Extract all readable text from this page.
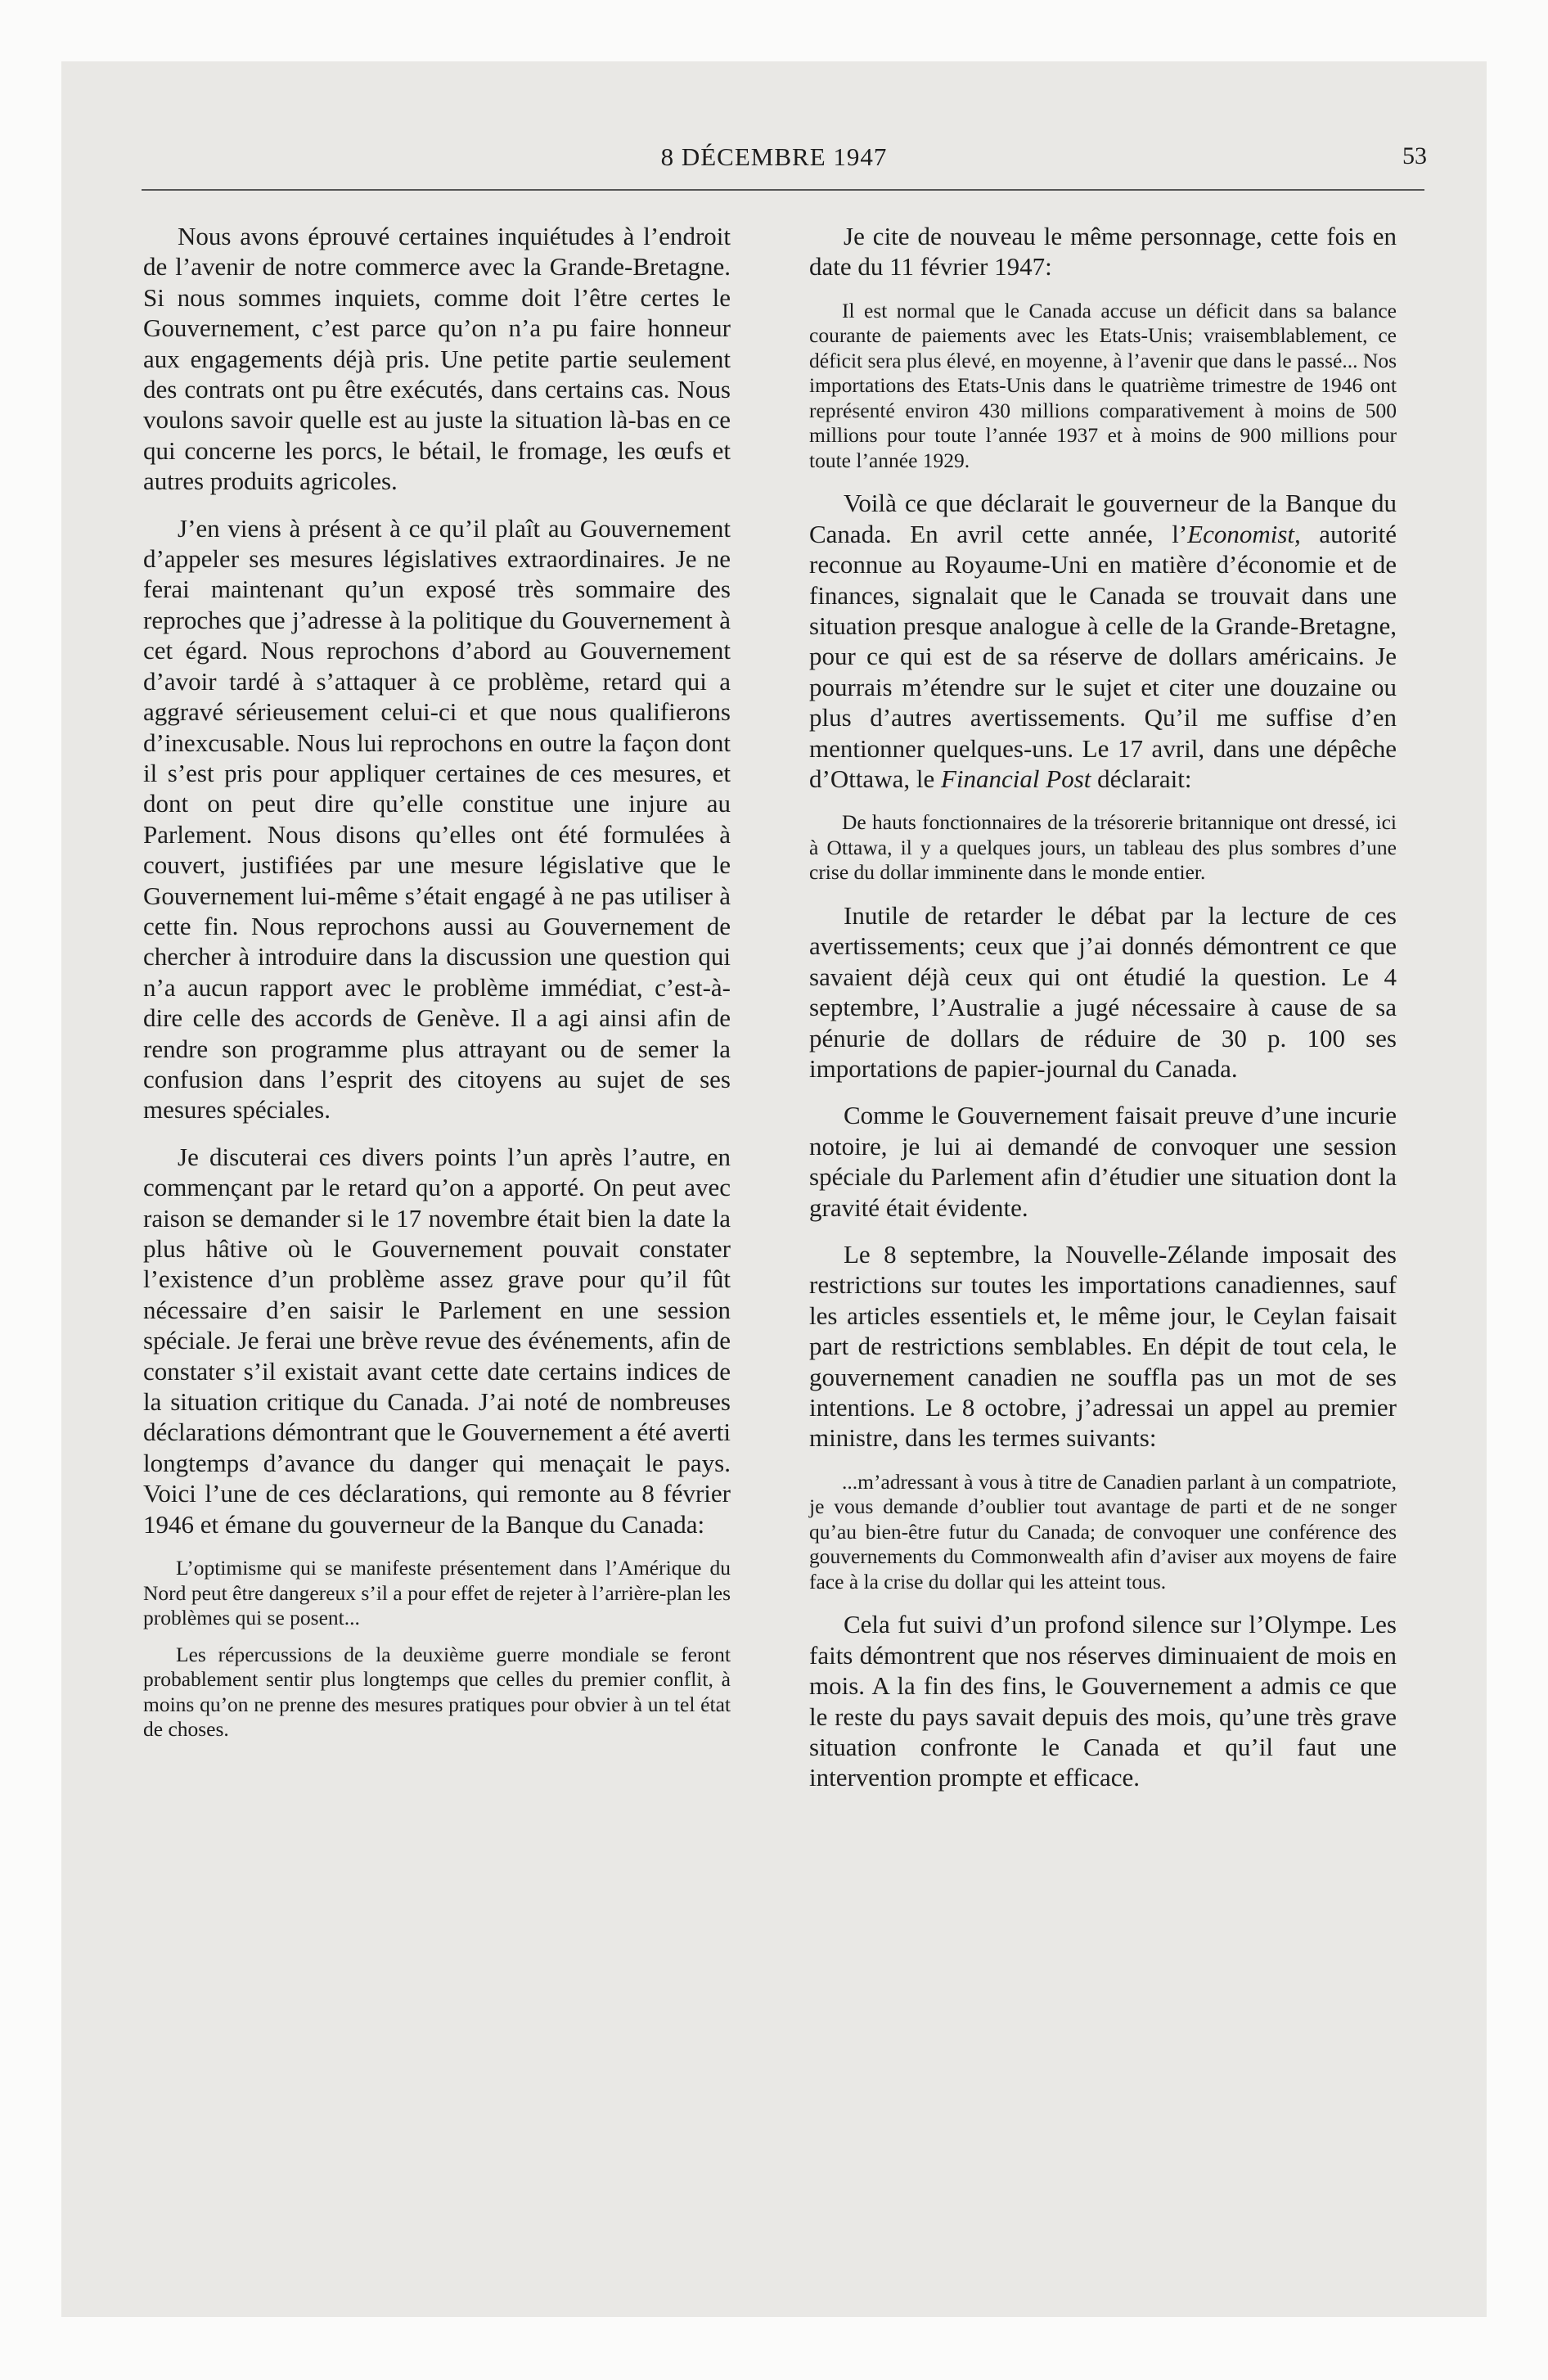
8 DÉCEMBRE 1947	53

Nous avons éprouvé certaines inquiétudes à l’endroit de l’avenir de notre commerce avec la Grande-Bretagne. Si nous sommes inquiets, comme doit l’être certes le Gouvernement, c’est parce qu’on n’a pu faire honneur aux engagements déjà pris. Une petite partie seulement des contrats ont pu être exécutés, dans certains cas. Nous voulons savoir quelle est au juste la situation là-bas en ce qui concerne les porcs, le bétail, le fromage, les œufs et autres produits agricoles.

J’en viens à présent à ce qu’il plaît au Gouvernement d’appeler ses mesures législatives extraordinaires. Je ne ferai maintenant qu’un exposé très sommaire des reproches que j’adresse à la politique du Gouvernement à cet égard. Nous reprochons d’abord au Gouvernement d’avoir tardé à s’attaquer à ce problème, retard qui a aggravé sérieusement celui-ci et que nous qualifierons d’inexcusable. Nous lui reprochons en outre la façon dont il s’est pris pour appliquer certaines de ces mesures, et dont on peut dire qu’elle constitue une injure au Parlement. Nous disons qu’elles ont été formulées à couvert, justifiées par une mesure législative que le Gouvernement lui-même s’était engagé à ne pas utiliser à cette fin. Nous reprochons aussi au Gouvernement de chercher à introduire dans la discussion une question qui n’a aucun rapport avec le problème immédiat, c’est-à-dire celle des accords de Genève. Il a agi ainsi afin de rendre son programme plus attrayant ou de semer la confusion dans l’esprit des citoyens au sujet de ses mesures spéciales.

Je discuterai ces divers points l’un après l’autre, en commençant par le retard qu’on a apporté. On peut avec raison se demander si le 17 novembre était bien la date la plus hâtive où le Gouvernement pouvait constater l’existence d’un problème assez grave pour qu’il fût nécessaire d’en saisir le Parlement en une session spéciale. Je ferai une brève revue des événements, afin de constater s’il existait avant cette date certains indices de la situation critique du Canada. J’ai noté de nombreuses déclarations démontrant que le Gouvernement a été averti longtemps d’avance du danger qui menaçait le pays. Voici l’une de ces déclarations, qui remonte au 8 février 1946 et émane du gouverneur de la Banque du Canada:

L’optimisme qui se manifeste présentement dans l’Amérique du Nord peut être dangereux s’il a pour effet de rejeter à l’arrière-plan les problèmes qui se posent...

Les répercussions de la deuxième guerre mondiale se feront probablement sentir plus longtemps que celles du premier conflit, à moins qu’on ne prenne des mesures pratiques pour obvier à un tel état de choses.

Je cite de nouveau le même personnage, cette fois en date du 11 février 1947:

Il est normal que le Canada accuse un déficit dans sa balance courante de paiements avec les Etats-Unis; vraisemblablement, ce déficit sera plus élevé, en moyenne, à l’avenir que dans le passé... Nos importations des Etats-Unis dans le quatrième trimestre de 1946 ont représenté environ 430 millions comparativement à moins de 500 millions pour toute l’année 1937 et à moins de 900 millions pour toute l’année 1929.

Voilà ce que déclarait le gouverneur de la Banque du Canada. En avril cette année, l’Economist, autorité reconnue au Royaume-Uni en matière d’économie et de finances, signalait que le Canada se trouvait dans une situation presque analogue à celle de la Grande-Bretagne, pour ce qui est de sa réserve de dollars américains. Je pourrais m’étendre sur le sujet et citer une douzaine ou plus d’autres avertissements. Qu’il me suffise d’en mentionner quelques-uns. Le 17 avril, dans une dépêche d’Ottawa, le Financial Post déclarait:

De hauts fonctionnaires de la trésorerie britannique ont dressé, ici à Ottawa, il y a quelques jours, un tableau des plus sombres d’une crise du dollar imminente dans le monde entier.

Inutile de retarder le débat par la lecture de ces avertissements; ceux que j’ai donnés démontrent ce que savaient déjà ceux qui ont étudié la question. Le 4 septembre, l’Australie a jugé nécessaire à cause de sa pénurie de dollars de réduire de 30 p. 100 ses importations de papier-journal du Canada.

Comme le Gouvernement faisait preuve d’une incurie notoire, je lui ai demandé de convoquer une session spéciale du Parlement afin d’étudier une situation dont la gravité était évidente.

Le 8 septembre, la Nouvelle-Zélande imposait des restrictions sur toutes les importations canadiennes, sauf les articles essentiels et, le même jour, le Ceylan faisait part de restrictions semblables. En dépit de tout cela, le gouvernement canadien ne souffla pas un mot de ses intentions. Le 8 octobre, j’adressai un appel au premier ministre, dans les termes suivants:

...m’adressant à vous à titre de Canadien parlant à un compatriote, je vous demande d’oublier tout avantage de parti et de ne songer qu’au bien-être futur du Canada; de convoquer une conférence des gouvernements du Commonwealth afin d’aviser aux moyens de faire face à la crise du dollar qui les atteint tous.

Cela fut suivi d’un profond silence sur l’Olympe. Les faits démontrent que nos réserves diminuaient de mois en mois. A la fin des fins, le Gouvernement a admis ce que le reste du pays savait depuis des mois, qu’une très grave situation confronte le Canada et qu’il faut une intervention prompte et efficace.
